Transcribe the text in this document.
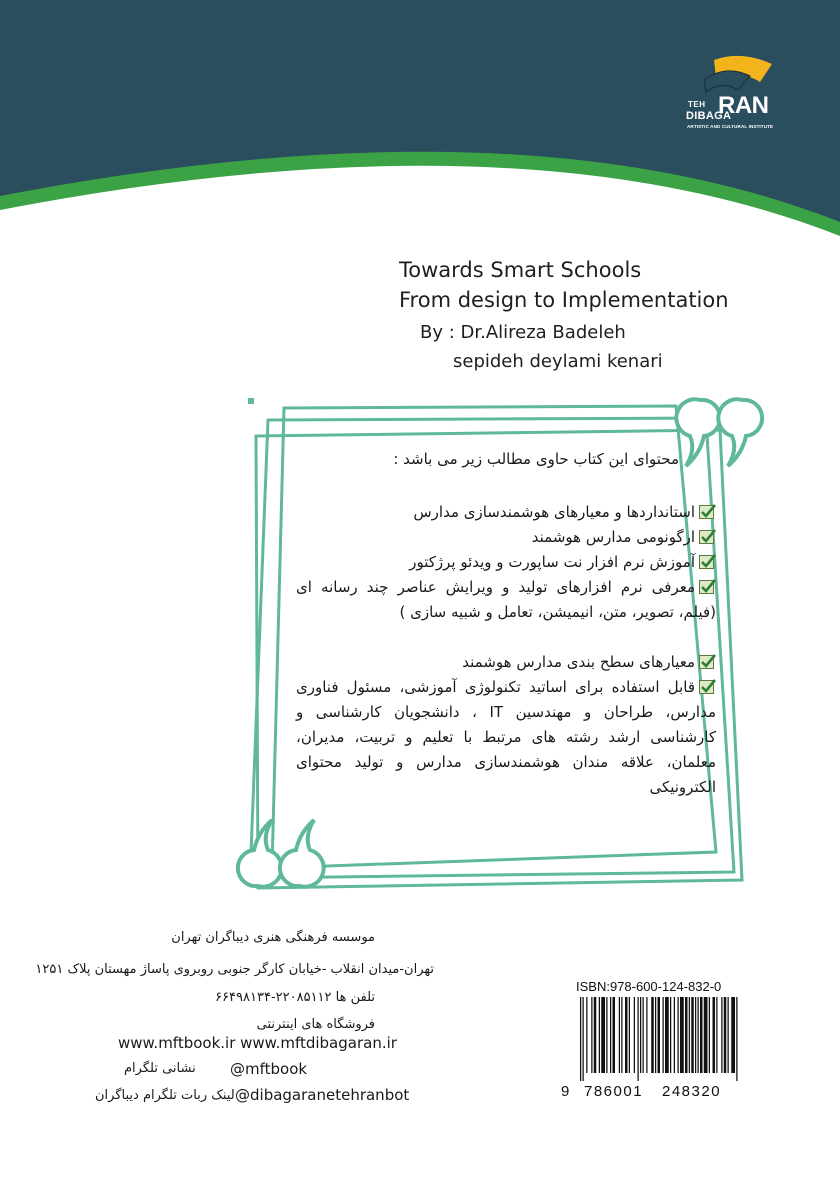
TEH
DIBAGA
RAN
ARTISTIC AND CULTURAL INSTITUTE
Towards Smart Schools
From design to Implementation
By : Dr.Alireza Badeleh
sepideh deylami kenari
محتوای این کتاب حاوی مطالب زیر می باشد :
استانداردها و معیارهای هوشمندسازی مدارس
ارگونومی مدارس هوشمند
آموزش نرم افزار نت ساپورت و ویدئو پرژکتور
معرفی نرم افزارهای تولید و ویرایش عناصر چند رسانه ای (فیلم، تصویر، متن، انیمیشن، تعامل و شبیه سازی )
معیارهای سطح بندی مدارس هوشمند
قابل استفاده برای اساتید تکنولوژی آموزشی، مسئول فناوری مدارس، طراحان و مهندسین IT ، دانشجویان کارشناسی و کارشناسی ارشد رشته های مرتبط با تعلیم و تربیت، مدیران، معلمان، علاقه مندان هوشمندسازی مدارس و تولید محتوای الکترونیکی
موسسه فرهنگی هنری دیباگران تهران
تهران-میدان انقلاب -خیابان کارگر جنوبی روبروی پاساژ مهستان پلاک ۱۲۵۱
تلفن ها ۲۲۰۸۵۱۱۲-۶۶۴۹۸۱۳۴
فروشگاه های اینترنتی
www.mftbook.ir www.mftdibagaran.ir
@mftbook
نشانی تلگرام
@dibagaranetehranbot
لینک ربات تلگرام دیباگران
ISBN:978-600-124-832-0
9 786001 248320
